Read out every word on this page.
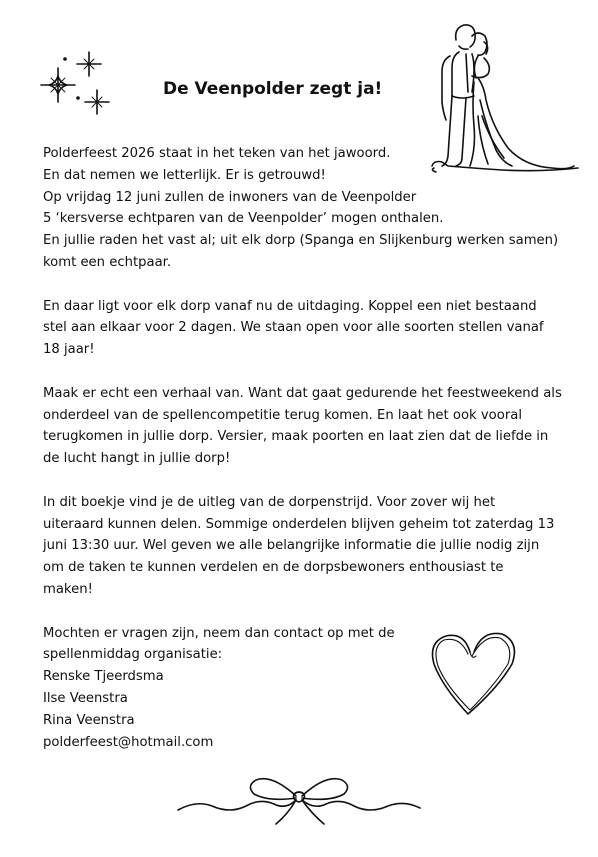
De Veenpolder zegt ja!

Polderfeest 2026 staat in het teken van het jawoord.
En dat nemen we letterlijk. Er is getrouwd!
Op vrijdag 12 juni zullen de inwoners van de Veenpolder
5 ‘kersverse echtparen van de Veenpolder’ mogen onthalen.
En jullie raden het vast al; uit elk dorp (Spanga en Slijkenburg werken samen)
komt een echtpaar.

En daar ligt voor elk dorp vanaf nu de uitdaging. Koppel een niet bestaand
stel aan elkaar voor 2 dagen. We staan open voor alle soorten stellen vanaf
18 jaar!

Maak er echt een verhaal van. Want dat gaat gedurende het feestweekend als
onderdeel van de spellencompetitie terug komen. En laat het ook vooral
terugkomen in jullie dorp. Versier, maak poorten en laat zien dat de liefde in
de lucht hangt in jullie dorp!

In dit boekje vind je de uitleg van de dorpenstrijd. Voor zover wij het
uiteraard kunnen delen. Sommige onderdelen blijven geheim tot zaterdag 13
juni 13:30 uur. Wel geven we alle belangrijke informatie die jullie nodig zijn
om de taken te kunnen verdelen en de dorpsbewoners enthousiast te
maken!

Mochten er vragen zijn, neem dan contact op met de
spellenmiddag organisatie:
Renske Tjeerdsma
Ilse Veenstra
Rina Veenstra
polderfeest@hotmail.com
